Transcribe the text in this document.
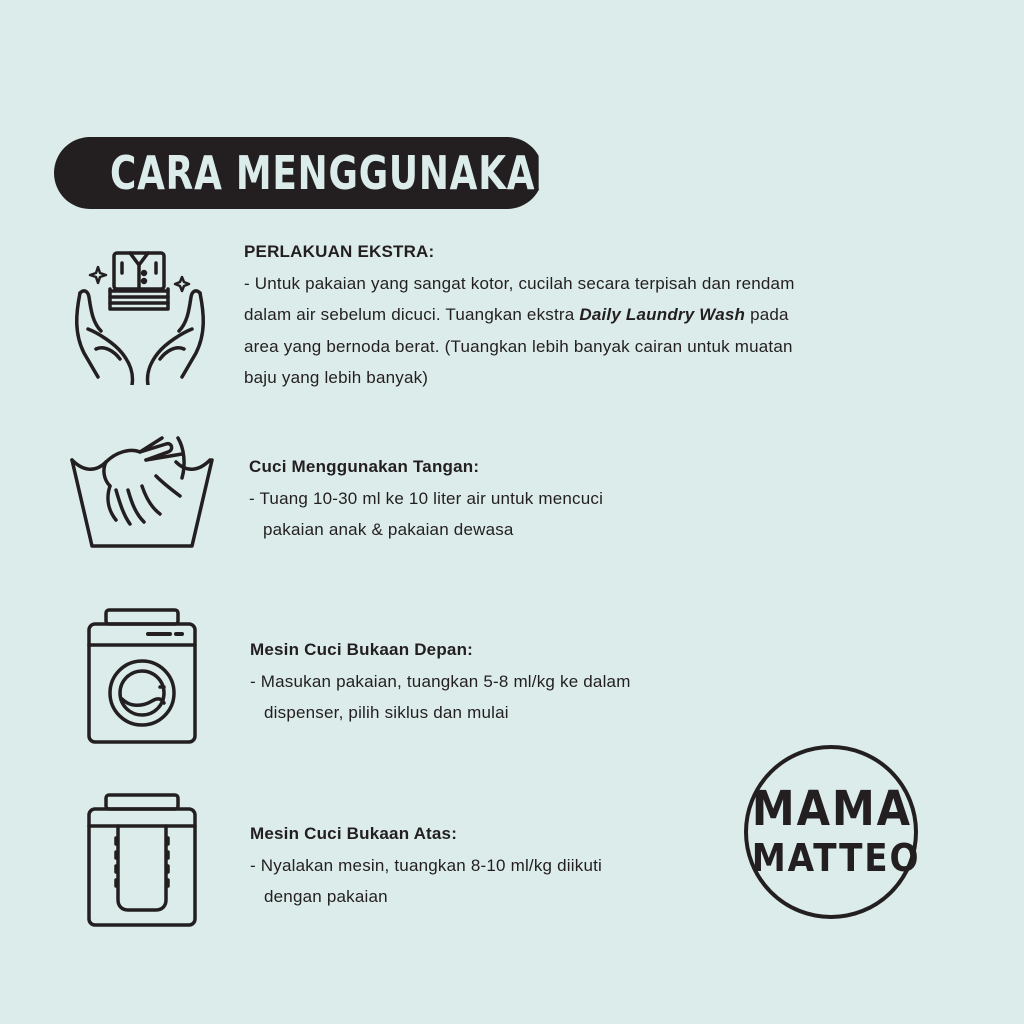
CARA MENGGUNAKAN
PERLAKUAN EKSTRA:
- Untuk pakaian yang sangat kotor, cucilah secara terpisah dan rendam
dalam air sebelum dicuci. Tuangkan ekstra Daily Laundry Wash pada
area yang bernoda berat. (Tuangkan lebih banyak cairan untuk muatan
baju yang lebih banyak)
Cuci Menggunakan Tangan:
- Tuang 10-30 ml ke 10 liter air untuk mencuci
pakaian anak & pakaian dewasa
Mesin Cuci Bukaan Depan:
- Masukan pakaian, tuangkan 5-8 ml/kg ke dalam
dispenser, pilih siklus dan mulai
Mesin Cuci Bukaan Atas:
- Nyalakan mesin, tuangkan 8-10 ml/kg diikuti
dengan pakaian
MAMA
MATTEO
